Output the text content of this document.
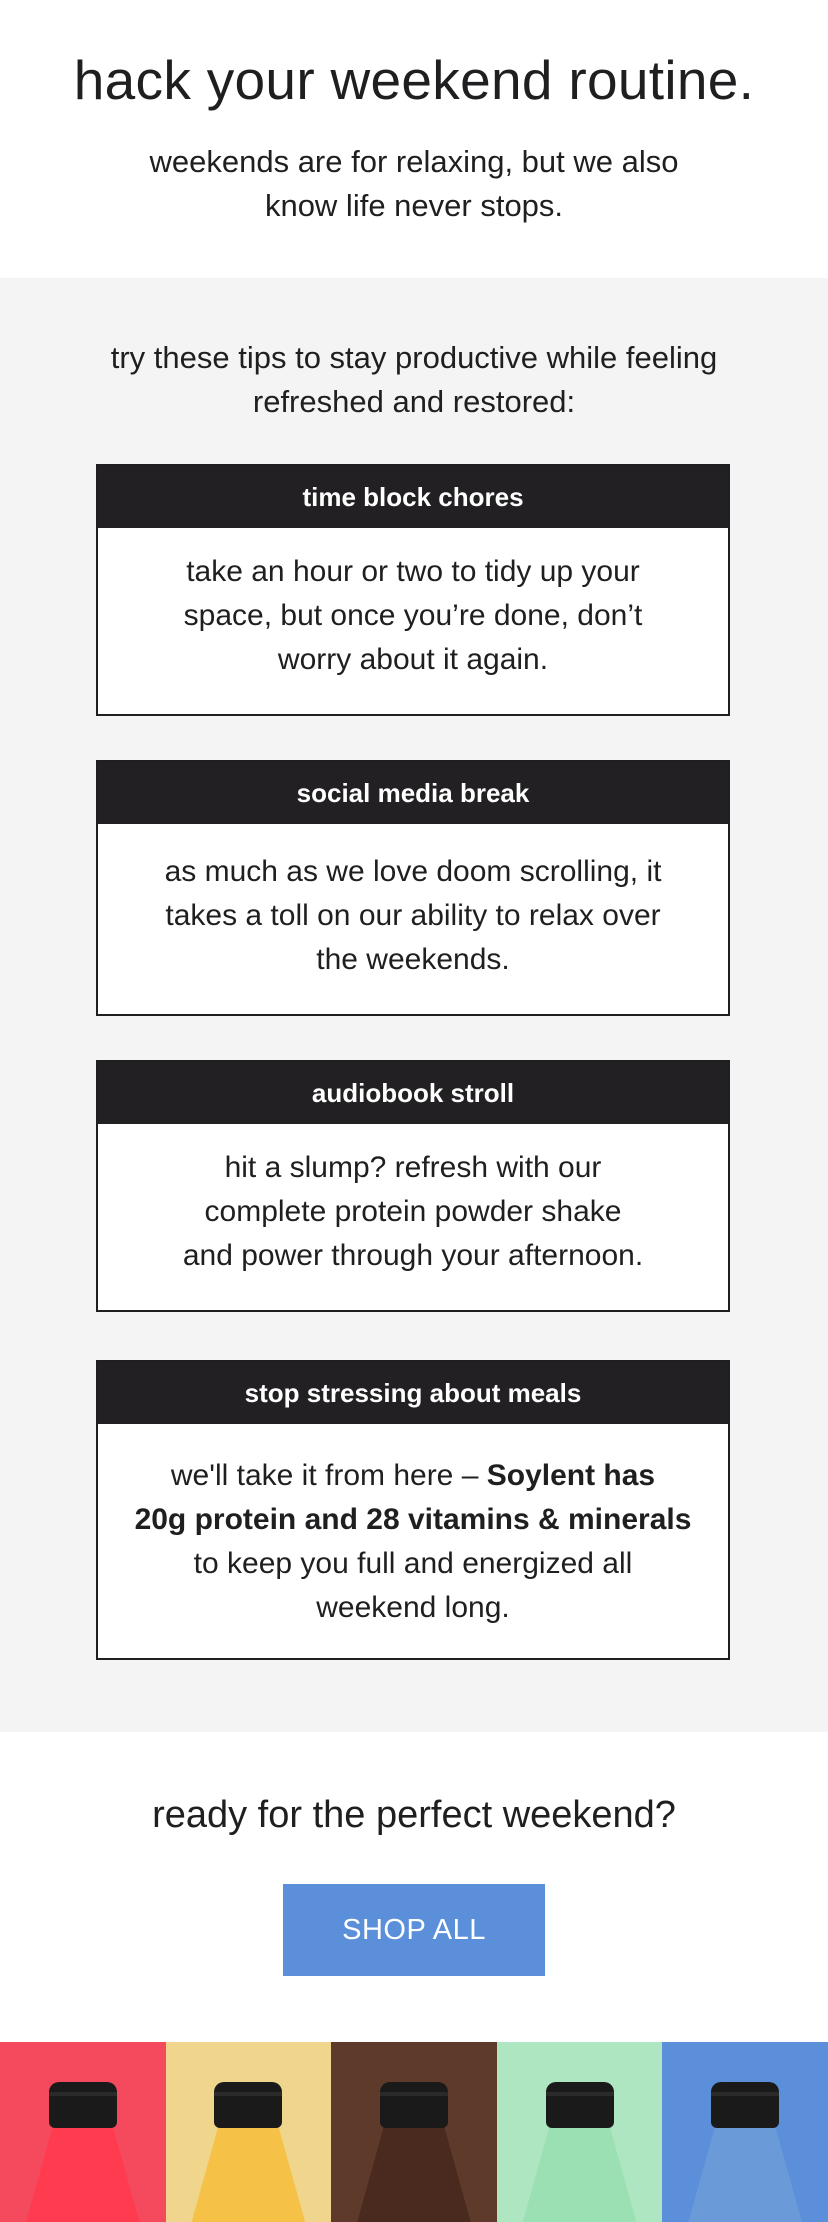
hack your weekend routine.

weekends are for relaxing, but we also
know life never stops.

try these tips to stay productive while feeling
refreshed and restored:

time block chores
take an hour or two to tidy up your
space, but once you’re done, don’t
worry about it again.
social media break
as much as we love doom scrolling, it
takes a toll on our ability to relax over
the weekends.
audiobook stroll
hit a slump? refresh with our
complete protein powder shake
and power through your afternoon.
stop stressing about meals
we'll take it from here – Soylent has
20g protein and 28 vitamins & minerals
to keep you full and energized all
weekend long.
ready for the perfect weekend?
SHOP ALL
